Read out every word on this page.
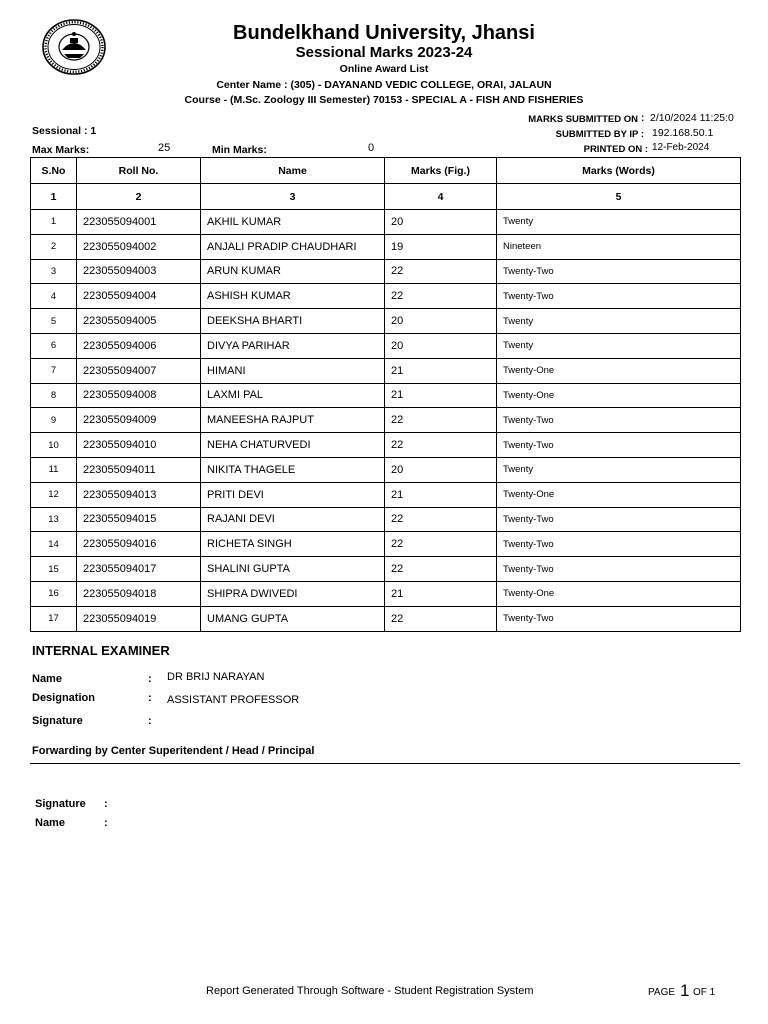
Bundelkhand University, Jhansi
Sessional Marks 2023-24
Online Award List
Center Name : (305) - DAYANAND VEDIC COLLEGE, ORAI, JALAUN
Course - (M.Sc. Zoology III Semester) 70153 - SPECIAL A - FISH AND FISHERIES
MARKS SUBMITTED ON : 2/10/2024 11:25:0
SUBMITTED BY IP : 192.168.50.1
PRINTED ON : 12-Feb-2024
Sessional : 1
Max Marks:	25	Min Marks:	0
S.No	Roll No.	Name	Marks (Fig.)	Marks (Words)
1	2	3	4	5
1	223055094001	AKHIL KUMAR	20	Twenty
2	223055094002	ANJALI PRADIP CHAUDHARI	19	Nineteen
3	223055094003	ARUN KUMAR	22	Twenty-Two
4	223055094004	ASHISH KUMAR	22	Twenty-Two
5	223055094005	DEEKSHA BHARTI	20	Twenty
6	223055094006	DIVYA PARIHAR	20	Twenty
7	223055094007	HIMANI	21	Twenty-One
8	223055094008	LAXMI PAL	21	Twenty-One
9	223055094009	MANEESHA RAJPUT	22	Twenty-Two
10	223055094010	NEHA CHATURVEDI	22	Twenty-Two
11	223055094011	NIKITA THAGELE	20	Twenty
12	223055094013	PRITI DEVI	21	Twenty-One
13	223055094015	RAJANI DEVI	22	Twenty-Two
14	223055094016	RICHETA SINGH	22	Twenty-Two
15	223055094017	SHALINI GUPTA	22	Twenty-Two
16	223055094018	SHIPRA DWIVEDI	21	Twenty-One
17	223055094019	UMANG GUPTA	22	Twenty-Two
INTERNAL EXAMINER
Name	: DR BRIJ NARAYAN
Designation	: ASSISTANT PROFESSOR
Signature	:
Forwarding by Center Superitendent / Head / Principal
Signature :
Name	:
Report Generated Through Software - Student Registration System	PAGE 1 OF 1
